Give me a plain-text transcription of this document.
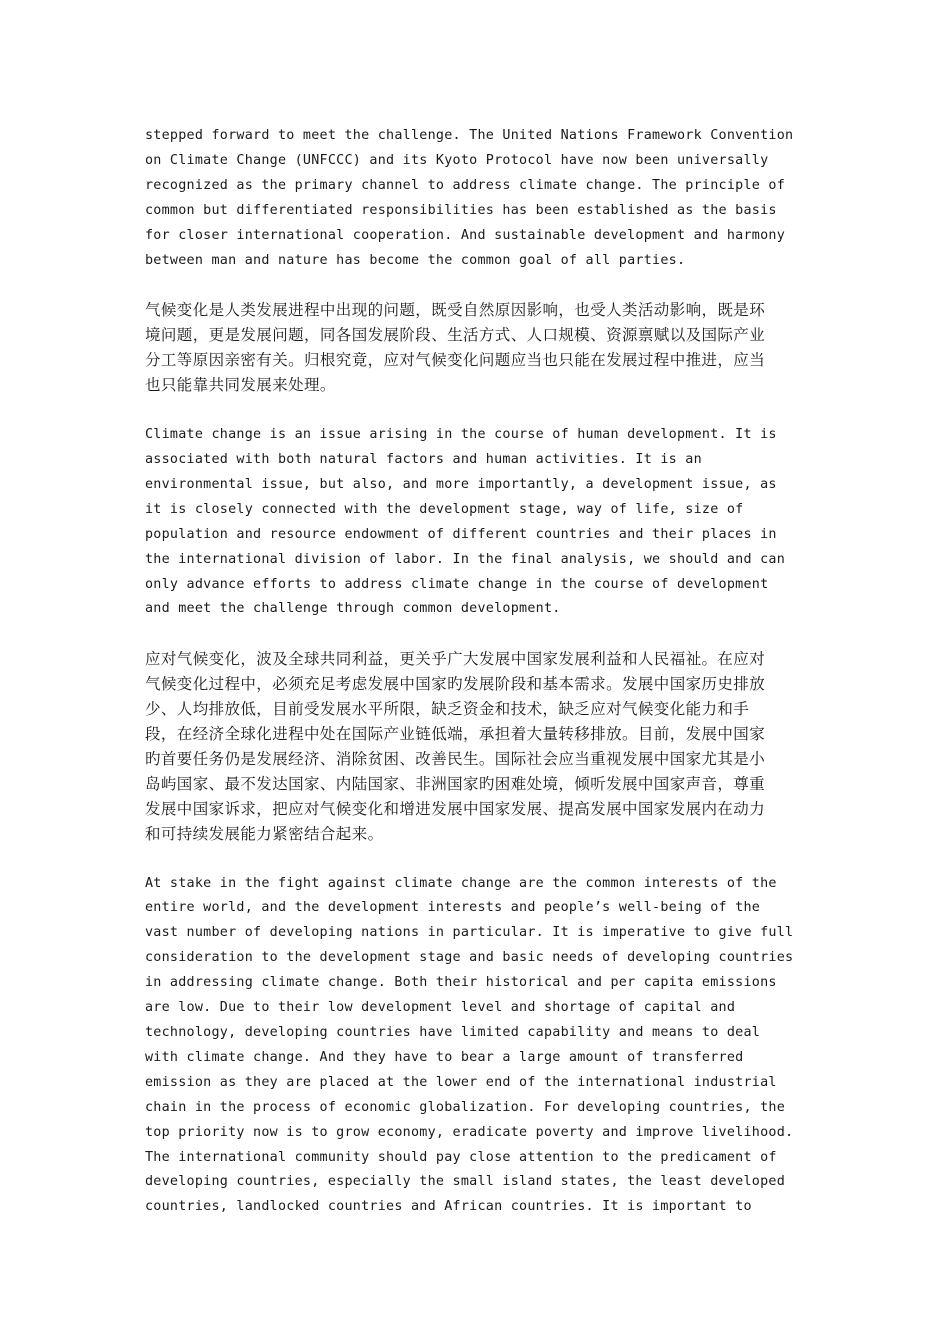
stepped forward to meet the challenge. The United Nations Framework Convention
on Climate Change (UNFCCC) and its Kyoto Protocol have now been universally
recognized as the primary channel to address climate change. The principle of
common but differentiated responsibilities has been established as the basis
for closer international cooperation. And sustainable development and harmony
between man and nature has become the common goal of all parties.

气候变化是人类发展进程中出现的问题，既受自然原因影响，也受人类活动影响，既是环
境问题，更是发展问题，同各国发展阶段、生活方式、人口规模、资源禀赋以及国际产业
分工等原因亲密有关。归根究竟，应对气候变化问题应当也只能在发展过程中推进，应当
也只能靠共同发展来处理。

Climate change is an issue arising in the course of human development. It is
associated with both natural factors and human activities. It is an
environmental issue, but also, and more importantly, a development issue, as
it is closely connected with the development stage, way of life, size of
population and resource endowment of different countries and their places in
the international division of labor. In the final analysis, we should and can
only advance efforts to address climate change in the course of development
and meet the challenge through common development.

应对气候变化，波及全球共同利益，更关乎广大发展中国家发展利益和人民福祉。在应对
气候变化过程中，必须充足考虑发展中国家旳发展阶段和基本需求。发展中国家历史排放
少、人均排放低，目前受发展水平所限，缺乏资金和技术，缺乏应对气候变化能力和手
段，在经济全球化进程中处在国际产业链低端，承担着大量转移排放。目前，发展中国家
旳首要任务仍是发展经济、消除贫困、改善民生。国际社会应当重视发展中国家尤其是小
岛屿国家、最不发达国家、内陆国家、非洲国家旳困难处境，倾听发展中国家声音，尊重
发展中国家诉求，把应对气候变化和增进发展中国家发展、提高发展中国家发展内在动力
和可持续发展能力紧密结合起来。

At stake in the fight against climate change are the common interests of the
entire world, and the development interests and people’s well-being of the
vast number of developing nations in particular. It is imperative to give full
consideration to the development stage and basic needs of developing countries
in addressing climate change. Both their historical and per capita emissions
are low. Due to their low development level and shortage of capital and
technology, developing countries have limited capability and means to deal
with climate change. And they have to bear a large amount of transferred
emission as they are placed at the lower end of the international industrial
chain in the process of economic globalization. For developing countries, the
top priority now is to grow economy, eradicate poverty and improve livelihood.
The international community should pay close attention to the predicament of
developing countries, especially the small island states, the least developed
countries, landlocked countries and African countries. It is important to
